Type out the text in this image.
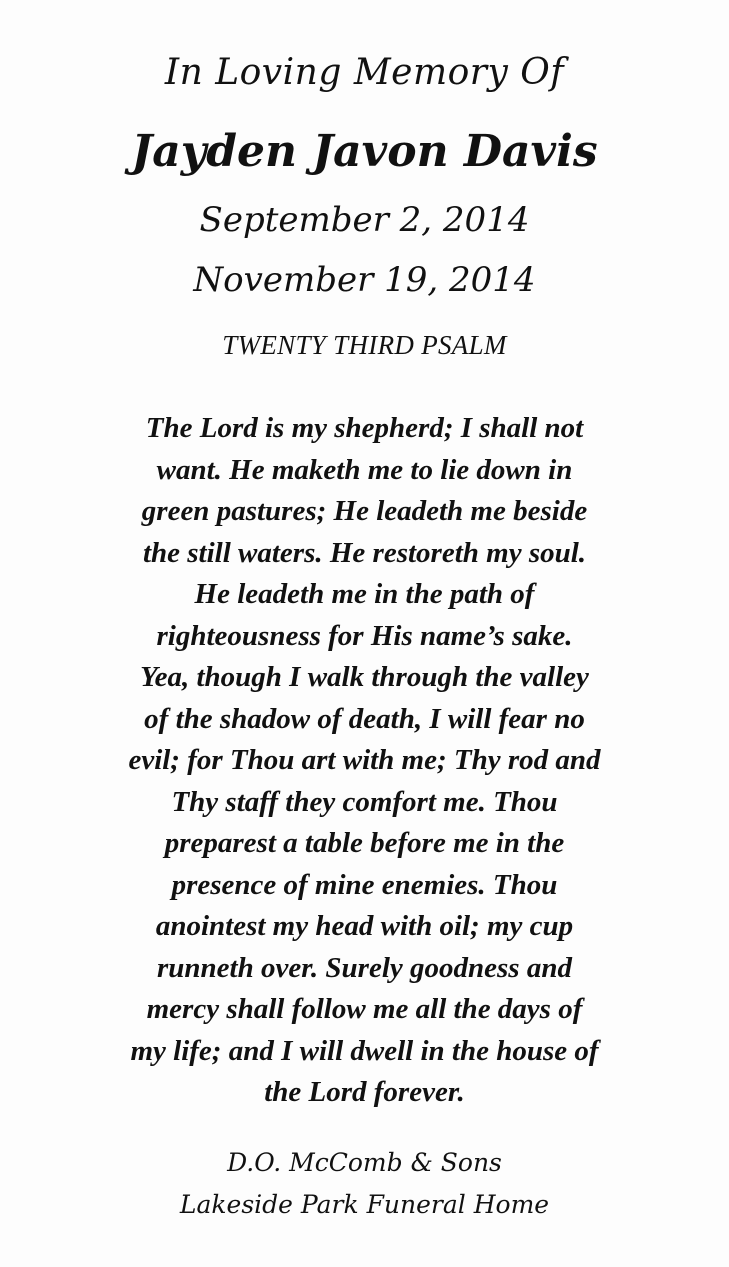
In Loving Memory Of
Jayden Javon Davis
September 2, 2014
November 19, 2014
TWENTY THIRD PSALM
The Lord is my shepherd; I shall not
want. He maketh me to lie down in
green pastures; He leadeth me beside
the still waters. He restoreth my soul.
He leadeth me in the path of
righteousness for His name’s sake.
Yea, though I walk through the valley
of the shadow of death, I will fear no
evil; for Thou art with me; Thy rod and
Thy staff they comfort me. Thou
preparest a table before me in the
presence of mine enemies. Thou
anointest my head with oil; my cup
runneth over. Surely goodness and
mercy shall follow me all the days of
my life; and I will dwell in the house of
the Lord forever.
D.O. McComb & Sons
Lakeside Park Funeral Home
